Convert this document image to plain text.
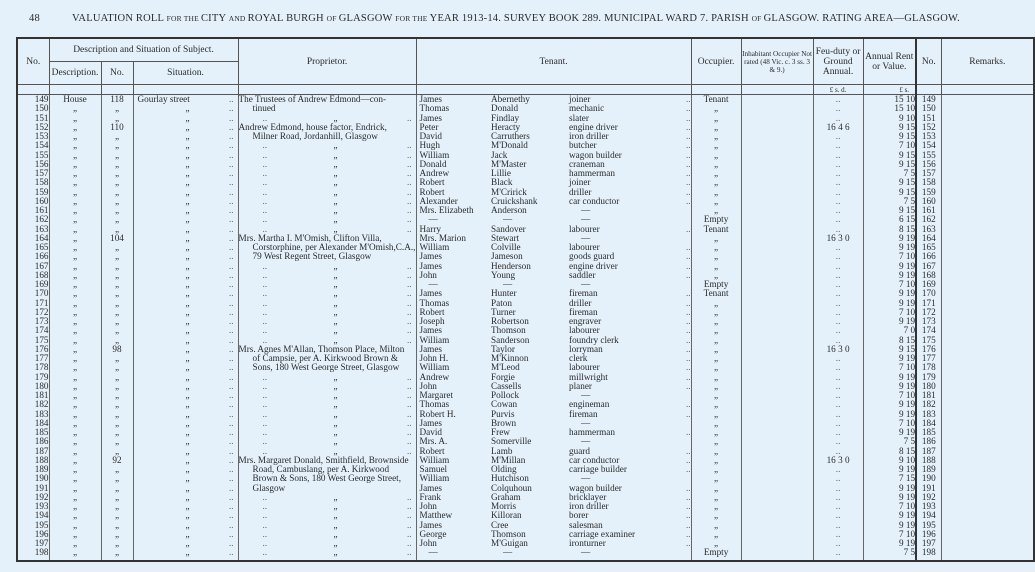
48	VALUATION ROLL FOR THE CITY AND ROYAL BURGH OF GLASGOW FOR THE YEAR 1913-14. SURVEY BOOK 289. MUNICIPAL WARD 7. PARISH OF GLASGOW. RATING AREA—GLASGOW.
No.	Description and Situation of Subject.			Proprietor.	Tenant.				Occupier.	Inhabitant Occupier Not rated (48 Vic. c. 3 ss. 3 & 9.)	Feu-duty or Ground Annual.	Annual Rent or Value.	No.	Remarks.
	Description.	No.	Situation.											
											£ s. d.	£ s.		
149	House	118	Gourlay street ..	The Trustees of Andrew Edmond—con-	James	Abernethy	joiner	..	Tenant		..	15 10	149	
150	„	„	„ ..	tinued	Thomas	Donald	mechanic	..	„		..	15 10	150	
151	„	„	„ ..	.. „ ..	James	Findlay	slater	..	„		..	9 10	151	
152	„	110	„ ..	Andrew Edmond, house factor, Endrick,	Peter	Heracty	engine driver	..	„		16 4 6	9 15	152	
153	„	„	„ ..	Milner Road, Jordanhill, Glasgow	David	Carruthers	iron driller	..	„		..	9 15	153	
154	„	„	„ ..	.. „ ..	Hugh	M'Donald	butcher	..	„		..	7 10	154	
155	„	„	„ ..	.. „ ..	William	Jack	wagon builder	..	„		..	9 15	155	
156	„	„	„ ..	.. „ ..	Donald	M'Master	craneman	..	„		..	9 15	156	
157	„	„	„ ..	.. „ ..	Andrew	Lillie	hammerman	..	„		..	7 5	157	
158	„	„	„ ..	.. „ ..	Robert	Black	joiner	..	„		..	9 15	158	
159	„	„	„ ..	.. „ ..	Robert	M'Cririck	driller	..	„		..	9 15	159	
160	„	„	„ ..	.. „ ..	Alexander	Cruickshank	car conductor	..	„		..	7 5	160	
161	„	„	„ ..	.. „ ..	Mrs. Elizabeth	Anderson	—		„		..	9 15	161	
162	„	„	„ ..	.. „ ..	—	—	—		Empty		..	6 15	162	
163	„	„	„ ..	.. „ ..	Harry	Sandover	labourer	..	Tenant		..	8 15	163	
164	„	104	„ ..	Mrs. Martha I. M'Omish, Clifton Villa,	Mrs. Marion	Stewart	—		„		16 3 0	9 19	164	
165	„	„	„ ..	Corstorphine, per Alexander M'Omish,C.A.,	William	Colville	labourer	..	„		..	9 19	165	
166	„	„	„ ..	79 West Regent Street, Glasgow	James	Jameson	goods guard	..	„		..	7 10	166	
167	„	„	„ ..	.. „ ..	James	Henderson	engine driver	..	„		..	9 19	167	
168	„	„	„ ..	.. „ ..	John	Young	saddler	..	„		..	9 19	168	
169	„	„	„ ..	.. „ ..	—	—	—		Empty		..	7 10	169	
170	„	„	„ ..	.. „ ..	James	Hunter	fireman	..	Tenant		..	9 19	170	
171	„	„	„ ..	.. „ ..	Thomas	Paton	driller	..	„		..	9 19	171	
172	„	„	„ ..	.. „ ..	Robert	Turner	fireman	..	„		..	7 10	172	
173	„	„	„ ..	.. „ ..	Joseph	Robertson	engraver	..	„		..	9 19	173	
174	„	„	„ ..	.. „ ..	James	Thomson	labourer	..	„		..	7 0	174	
175	„	„	„ ..	.. „ ..	William	Sanderson	foundry clerk	..	„		..	8 15	175	
176	„	98	„ ..	Mrs. Agnes M'Allan, Thomson Place, Milton	James	Taylor	lorryman	..	„		16 3 0	9 15	176	
177	„	„	„ ..	of Campsie, per A. Kirkwood Brown &	John H.	M'Kinnon	clerk	..	„		..	9 19	177	
178	„	„	„ ..	Sons, 180 West George Street, Glasgow	William	M'Leod	labourer	..	„		..	7 10	178	
179	„	„	„ ..	.. „ ..	Andrew	Forgie	millwright	..	„		..	9 19	179	
180	„	„	„ ..	.. „ ..	John	Cassells	planer	..	„		..	9 19	180	
181	„	„	„ ..	.. „ ..	Margaret	Pollock	—		„		..	7 10	181	
182	„	„	„ ..	.. „ ..	Thomas	Cowan	engineman	..	„		..	9 19	182	
183	„	„	„ ..	.. „ ..	Robert H.	Purvis	fireman	..	„		..	9 19	183	
184	„	„	„ ..	.. „ ..	James	Brown	—		„		..	7 10	184	
185	„	„	„ ..	.. „ ..	David	Frew	hammerman	..	„		..	9 19	185	
186	„	„	„ ..	.. „ ..	Mrs. A.	Somerville	—		„		..	7 5	186	
187	„	„	„ ..	.. „ ..	Robert	Lamb	guard	..	„		..	8 15	187	
188	„	92	„ ..	Mrs. Margaret Donald, Smithfield, Brownside	William	M'Millan	car conductor	..	„		16 3 0	9 10	188	
189	„	„	„ ..	Road, Cambuslang, per A. Kirkwood	Samuel	Olding	carriage builder	..	„		..	9 19	189	
190	„	„	„ ..	Brown & Sons, 180 West George Street,	William	Hutchison	—		„		..	7 15	190	
191	„	„	„ ..	Glasgow	James	Colquhoun	wagon builder	..	„		..	9 19	191	
192	„	„	„ ..	.. „ ..	Frank	Graham	bricklayer	..	„		..	9 19	192	
193	„	„	„ ..	.. „ ..	John	Morris	iron driller	..	„		..	7 10	193	
194	„	„	„ ..	.. „ ..	Matthew	Killoran	borer	..	„		..	9 19	194	
195	„	„	„ ..	.. „ ..	James	Cree	salesman	..	„		..	9 19	195	
196	„	„	„ ..	.. „ ..	George	Thomson	carriage examiner	..	„		..	7 10	196	
197	„	„	„ ..	.. „ ..	John	M'Guigan	ironturner	..	„		..	9 19	197	
198	„	„	„ ..	.. „ ..	—	—	—		Empty		..	7 5	198	
